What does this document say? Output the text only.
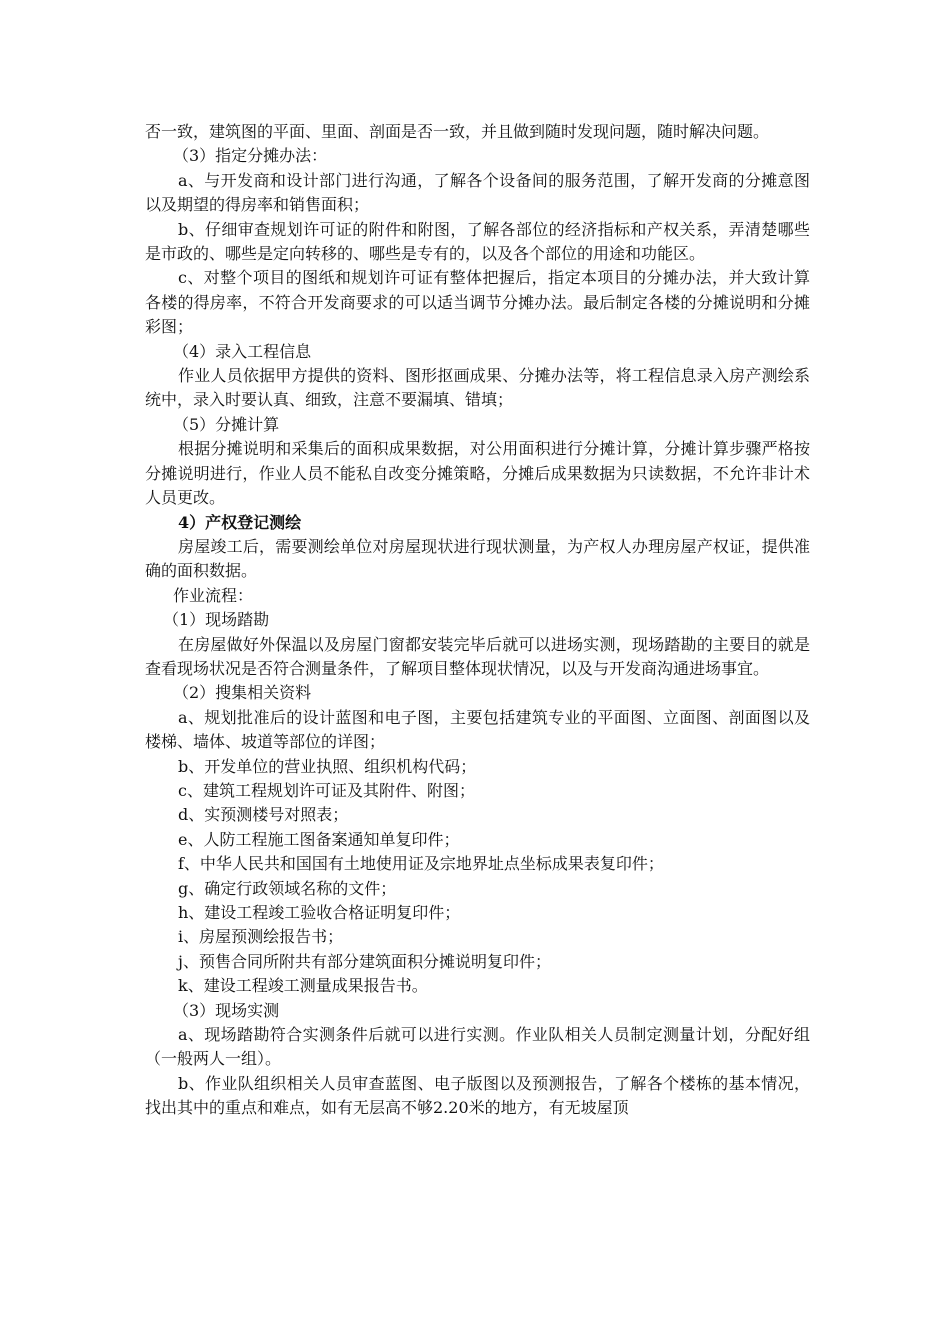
否一致，建筑图的平面、里面、剖面是否一致，并且做到随时发现问题，随时解决问题。

（3）指定分摊办法：

a、与开发商和设计部门进行沟通，了解各个设备间的服务范围，了解开发商的分摊意图以及期望的得房率和销售面积；

b、仔细审查规划许可证的附件和附图，了解各部位的经济指标和产权关系，弄清楚哪些是市政的、哪些是定向转移的、哪些是专有的，以及各个部位的用途和功能区。

c、对整个项目的图纸和规划许可证有整体把握后，指定本项目的分摊办法，并大致计算各楼的得房率，不符合开发商要求的可以适当调节分摊办法。最后制定各楼的分摊说明和分摊彩图；

（4）录入工程信息

作业人员依据甲方提供的资料、图形抠画成果、分摊办法等，将工程信息录入房产测绘系统中，录入时要认真、细致，注意不要漏填、错填；

（5）分摊计算

根据分摊说明和采集后的面积成果数据，对公用面积进行分摊计算，分摊计算步骤严格按分摊说明进行，作业人员不能私自改变分摊策略，分摊后成果数据为只读数据，不允许非计术人员更改。

4）产权登记测绘

房屋竣工后，需要测绘单位对房屋现状进行现状测量，为产权人办理房屋产权证，提供准确的面积数据。

作业流程：

（1）现场踏勘

在房屋做好外保温以及房屋门窗都安装完毕后就可以进场实测，现场踏勘的主要目的就是查看现场状况是否符合测量条件，了解项目整体现状情况，以及与开发商沟通进场事宜。

（2）搜集相关资料

a、规划批准后的设计蓝图和电子图，主要包括建筑专业的平面图、立面图、剖面图以及楼梯、墙体、坡道等部位的详图；

b、开发单位的营业执照、组织机构代码；

c、建筑工程规划许可证及其附件、附图；

d、实预测楼号对照表；

e、人防工程施工图备案通知单复印件；

f、中华人民共和国国有土地使用证及宗地界址点坐标成果表复印件；

g、确定行政领域名称的文件；

h、建设工程竣工验收合格证明复印件；

i、房屋预测绘报告书；

j、预售合同所附共有部分建筑面积分摊说明复印件；

k、建设工程竣工测量成果报告书。

（3）现场实测

a、现场踏勘符合实测条件后就可以进行实测。作业队相关人员制定测量计划，分配好组（一般两人一组）。

b、作业队组织相关人员审查蓝图、电子版图以及预测报告，了解各个楼栋的基本情况，找出其中的重点和难点，如有无层高不够2.20米的地方，有无坡屋顶
